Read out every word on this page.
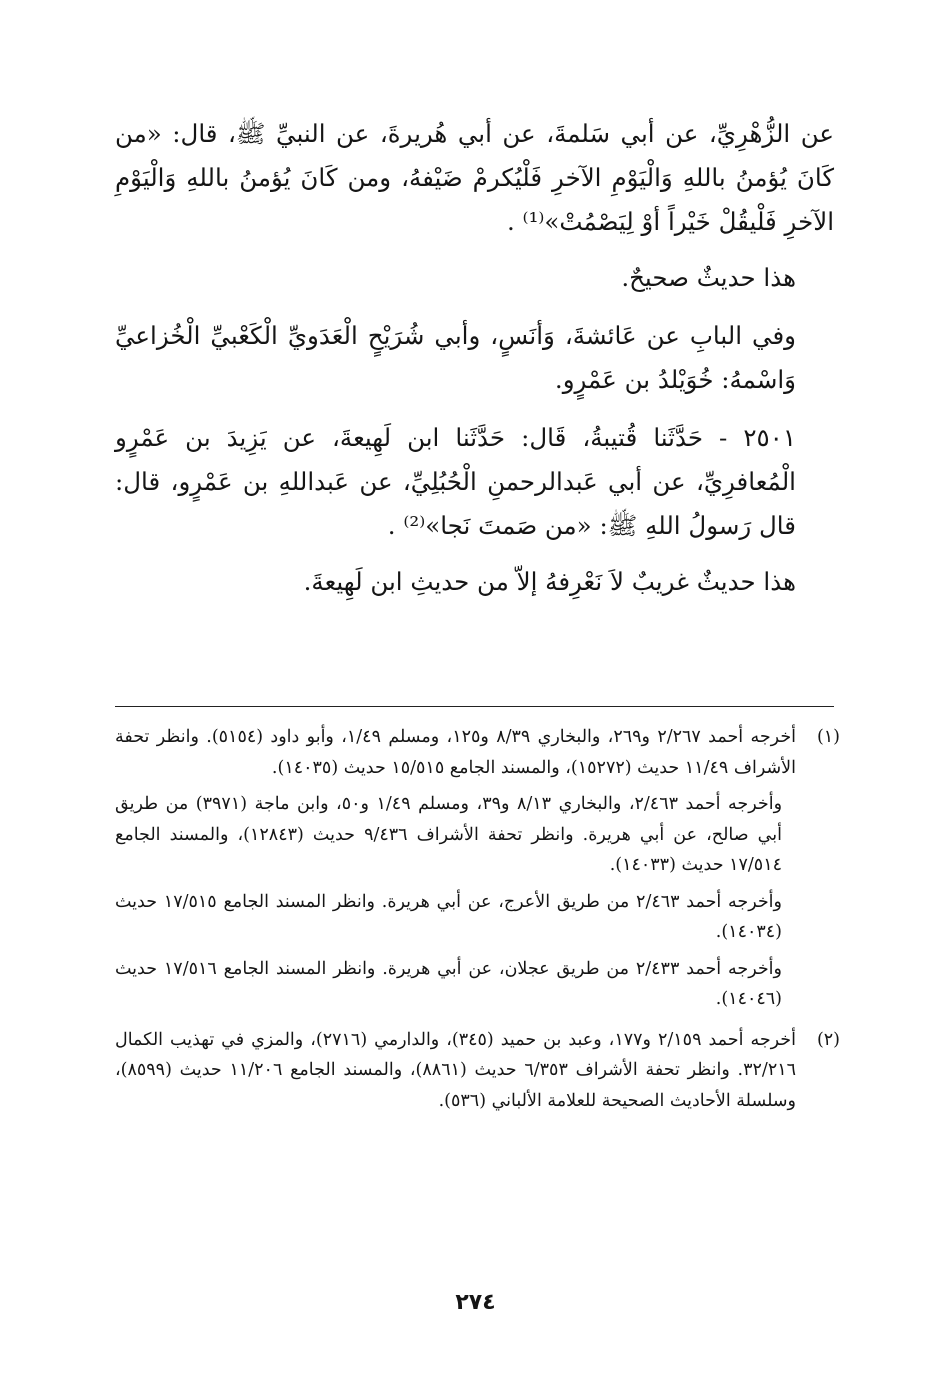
عن الزُّهْرِيِّ، عن أبي سَلمةَ، عن أبي هُريرةَ، عن النبيِّ ﷺ، قال: «من كَانَ يُؤمنُ باللهِ وَالْيَوْمِ الآخرِ فَلْيُكرمْ ضَيْفهُ، ومن كَانَ يُؤمنُ باللهِ وَالْيَوْمِ الآخرِ فَلْيقُلْ خَيْراً أوْ لِيَصْمُتْ»⁽¹⁾ .

هذا حديثٌ صحيحٌ.

وفي البابِ عن عَائشةَ، وَأنَسٍ، وأبي شُرَيْحٍ الْعَدَويِّ الْكَعْبيِّ الْخُزاعيِّ وَاسْمهُ: خُوَيْلدُ بن عَمْرٍو.

٢٥٠١ - حَدَّثَنا قُتيبةُ، قَال: حَدَّثَنا ابن لَهِيعةَ، عن يَزِيدَ بن عَمْرٍو الْمُعافرِيِّ، عن أبي عَبدالرحمنِ الْحُبُلِيِّ، عن عَبداللهِ بن عَمْرٍو، قال: قال رَسولُ اللهِ ﷺ: «من صَمتَ نَجا»⁽²⁾ .

هذا حديثٌ غريبٌ لاَ نَعْرِفهُ إلاّ من حديثِ ابن لَهِيعةَ.

(١)

أخرجه أحمد ٢/٢٦٧ و٢٦٩، والبخاري ٨/٣٩ و١٢٥، ومسلم ١/٤٩، وأبو داود (٥١٥٤). وانظر تحفة الأشراف ١١/٤٩ حديث (١٥٢٧٢)، والمسند الجامع ١٥/٥١٥ حديث (١٤٠٣٥).

وأخرجه أحمد ٢/٤٦٣، والبخاري ٨/١٣ و٣٩، ومسلم ١/٤٩ و٥٠، وابن ماجة (٣٩٧١) من طريق أبي صالح، عن أبي هريرة. وانظر تحفة الأشراف ٩/٤٣٦ حديث (١٢٨٤٣)، والمسند الجامع ١٧/٥١٤ حديث (١٤٠٣٣).

وأخرجه أحمد ٢/٤٦٣ من طريق الأعرج، عن أبي هريرة. وانظر المسند الجامع ١٧/٥١٥ حديث (١٤٠٣٤).

وأخرجه أحمد ٢/٤٣٣ من طريق عجلان، عن أبي هريرة. وانظر المسند الجامع ١٧/٥١٦ حديث (١٤٠٤٦).

(٢)

أخرجه أحمد ٢/١٥٩ و١٧٧، وعبد بن حميد (٣٤٥)، والدارمي (٢٧١٦)، والمزي في تهذيب الكمال ٣٢/٢١٦. وانظر تحفة الأشراف ٦/٣٥٣ حديث (٨٨٦١)، والمسند الجامع ١١/٢٠٦ حديث (٨٥٩٩)، وسلسلة الأحاديث الصحيحة للعلامة الألباني (٥٣٦).

٢٧٤
